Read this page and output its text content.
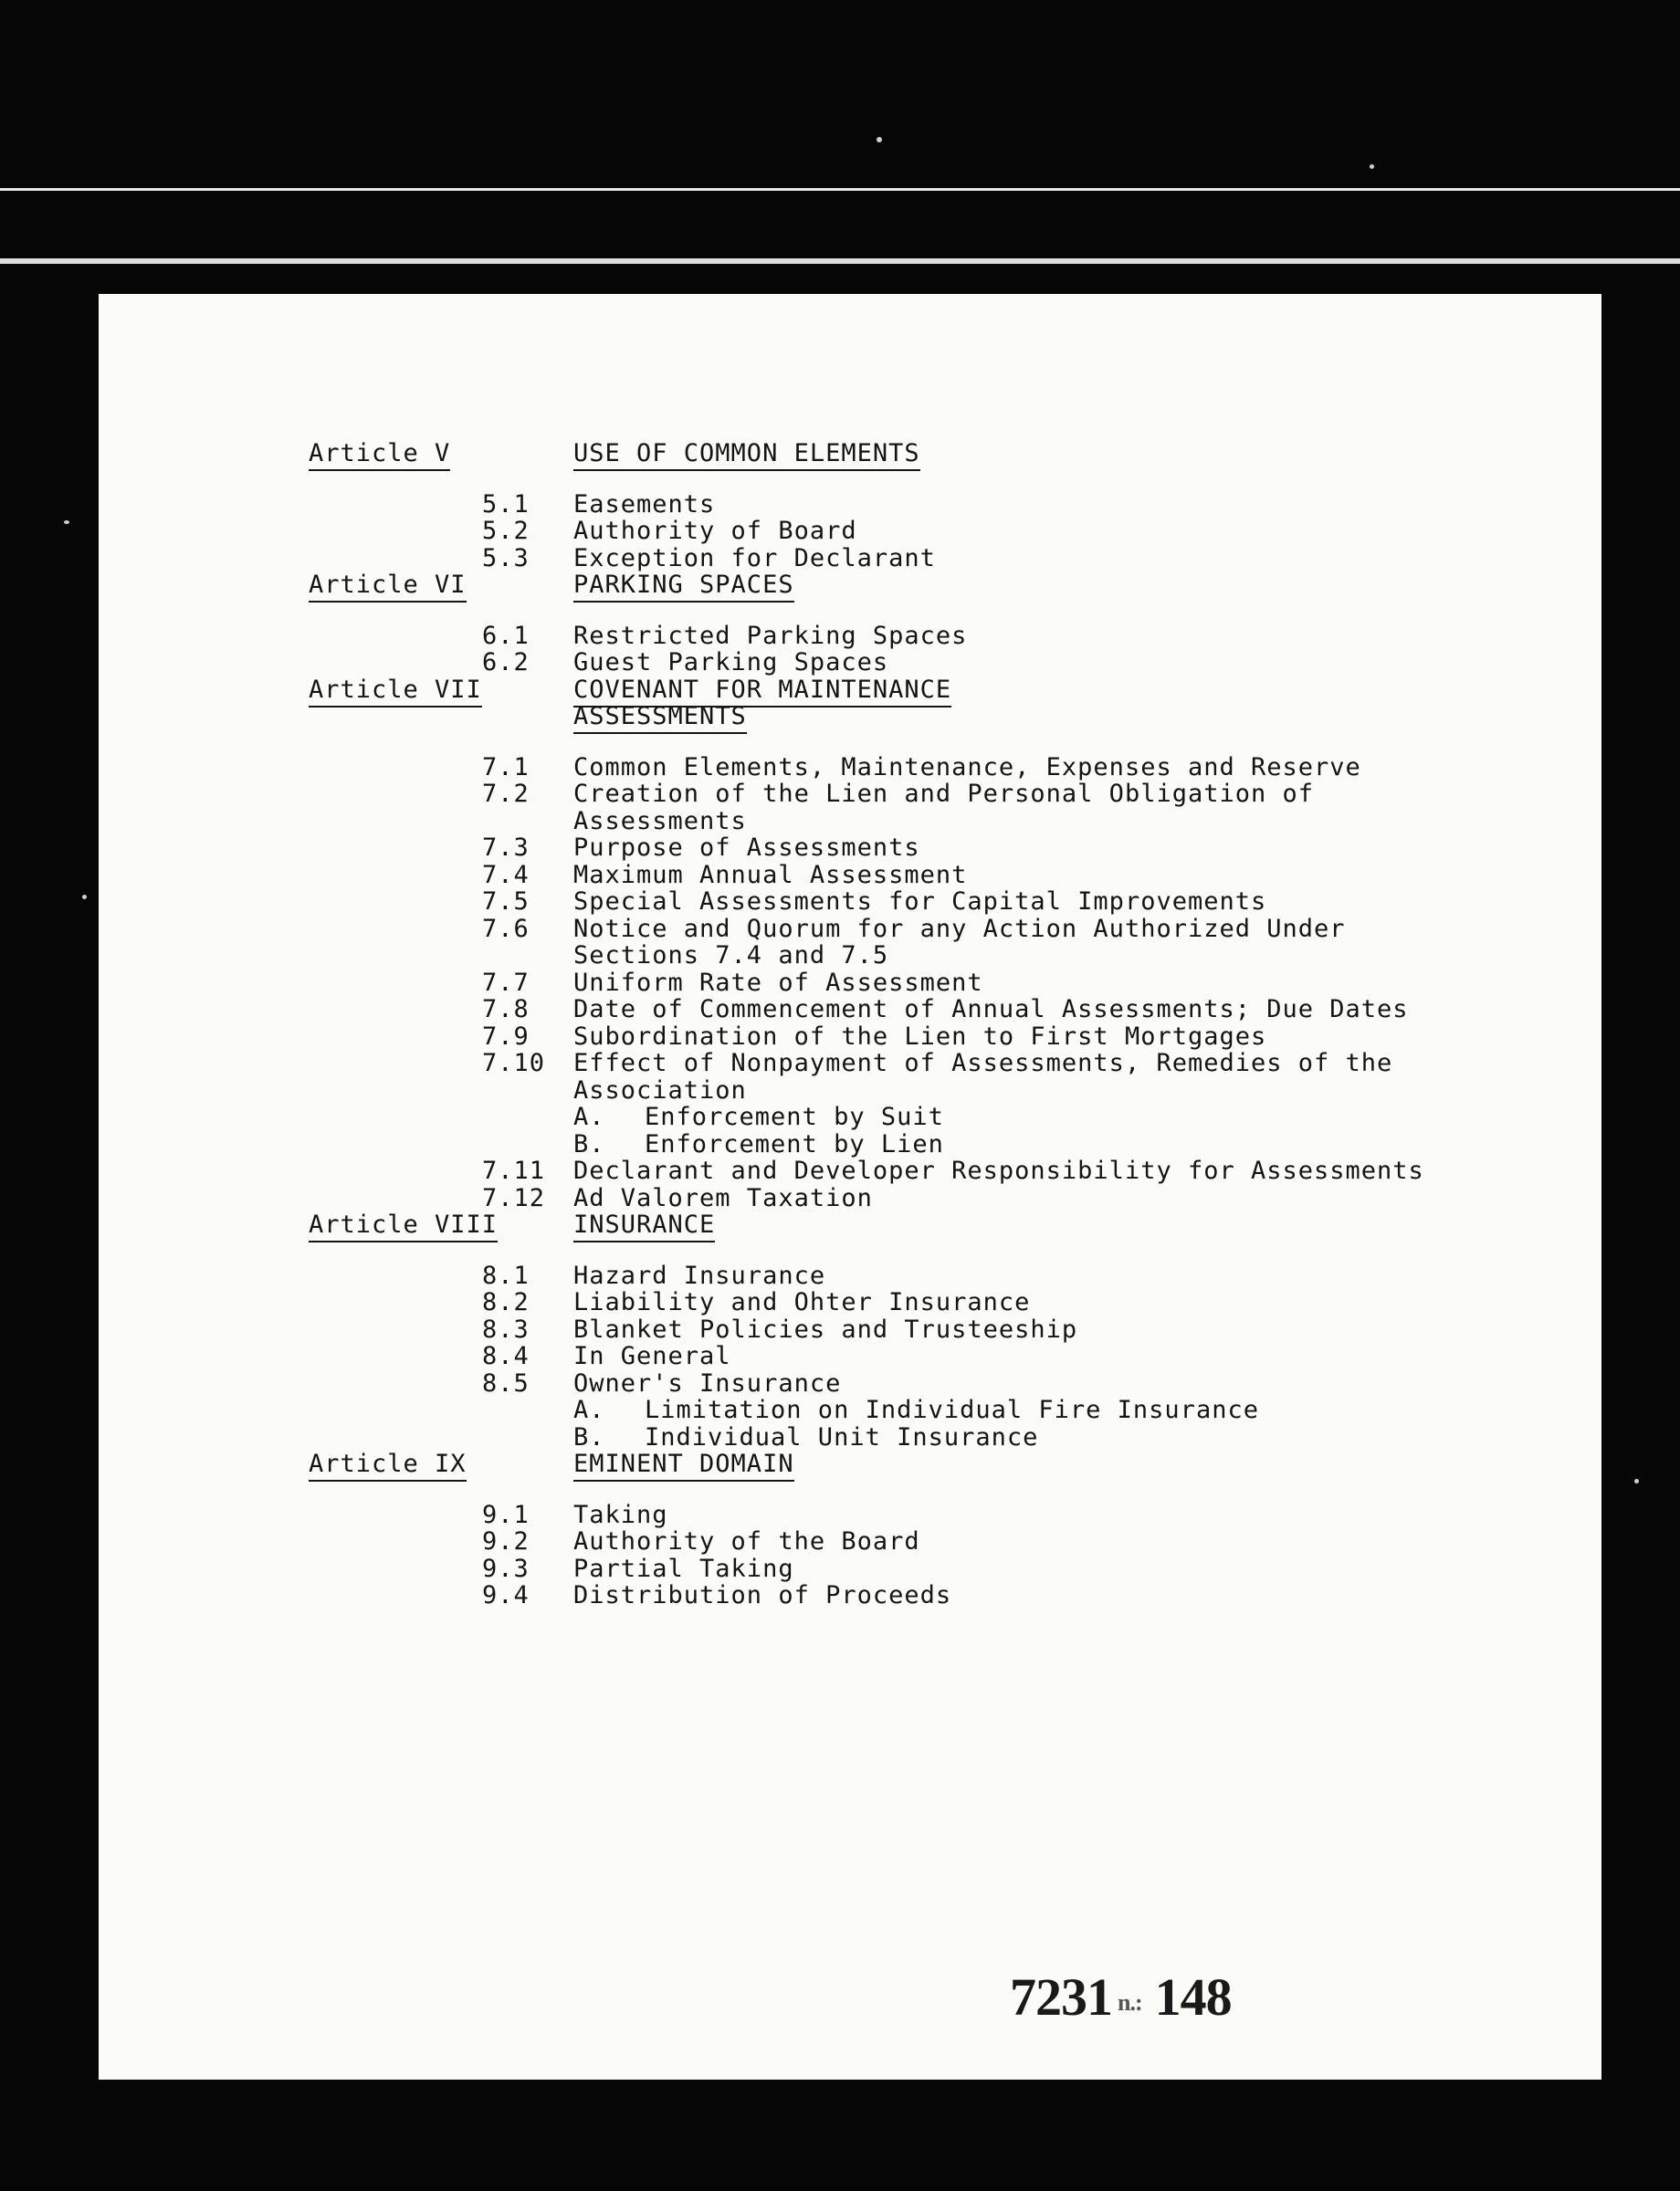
Article V	USE OF COMMON ELEMENTS
5.1	Easements
5.2	Authority of Board
5.3	Exception for Declarant
Article VI	PARKING SPACES
6.1	Restricted Parking Spaces
6.2	Guest Parking Spaces
Article VII	COVENANT FOR MAINTENANCE ASSESSMENTS
7.1	Common Elements, Maintenance, Expenses and Reserve
7.2	Creation of the Lien and Personal Obligation of Assessments
7.3	Purpose of Assessments
7.4	Maximum Annual Assessment
7.5	Special Assessments for Capital Improvements
7.6	Notice and Quorum for any Action Authorized Under Sections 7.4 and 7.5
7.7	Uniform Rate of Assessment
7.8	Date of Commencement of Annual Assessments; Due Dates
7.9	Subordination of the Lien to First Mortgages
7.10	Effect of Nonpayment of Assessments, Remedies of the Association
A.	Enforcement by Suit
B.	Enforcement by Lien
7.11	Declarant and Developer Responsibility for Assessments
7.12	Ad Valorem Taxation
Article VIII	INSURANCE
8.1	Hazard Insurance
8.2	Liability and Ohter Insurance
8.3	Blanket Policies and Trusteeship
8.4	In General
8.5	Owner's Insurance
A.	Limitation on Individual Fire Insurance
B.	Individual Unit Insurance
Article IX	EMINENT DOMAIN
9.1	Taking
9.2	Authority of the Board
9.3	Partial Taking
9.4	Distribution of Proceeds
7231 n.: 148
